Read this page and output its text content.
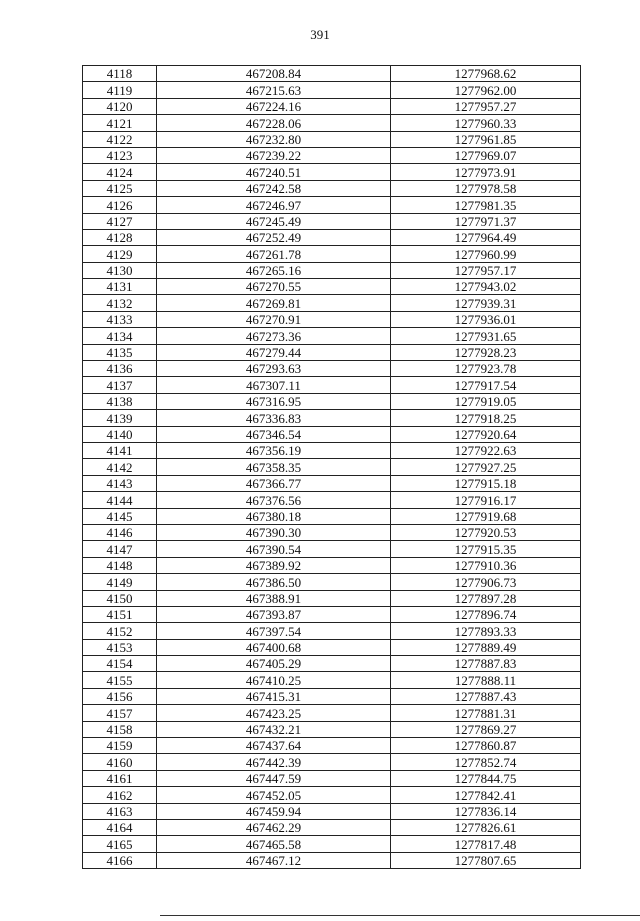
391
4118	467208.84	1277968.62
4119	467215.63	1277962.00
4120	467224.16	1277957.27
4121	467228.06	1277960.33
4122	467232.80	1277961.85
4123	467239.22	1277969.07
4124	467240.51	1277973.91
4125	467242.58	1277978.58
4126	467246.97	1277981.35
4127	467245.49	1277971.37
4128	467252.49	1277964.49
4129	467261.78	1277960.99
4130	467265.16	1277957.17
4131	467270.55	1277943.02
4132	467269.81	1277939.31
4133	467270.91	1277936.01
4134	467273.36	1277931.65
4135	467279.44	1277928.23
4136	467293.63	1277923.78
4137	467307.11	1277917.54
4138	467316.95	1277919.05
4139	467336.83	1277918.25
4140	467346.54	1277920.64
4141	467356.19	1277922.63
4142	467358.35	1277927.25
4143	467366.77	1277915.18
4144	467376.56	1277916.17
4145	467380.18	1277919.68
4146	467390.30	1277920.53
4147	467390.54	1277915.35
4148	467389.92	1277910.36
4149	467386.50	1277906.73
4150	467388.91	1277897.28
4151	467393.87	1277896.74
4152	467397.54	1277893.33
4153	467400.68	1277889.49
4154	467405.29	1277887.83
4155	467410.25	1277888.11
4156	467415.31	1277887.43
4157	467423.25	1277881.31
4158	467432.21	1277869.27
4159	467437.64	1277860.87
4160	467442.39	1277852.74
4161	467447.59	1277844.75
4162	467452.05	1277842.41
4163	467459.94	1277836.14
4164	467462.29	1277826.61
4165	467465.58	1277817.48
4166	467467.12	1277807.65
